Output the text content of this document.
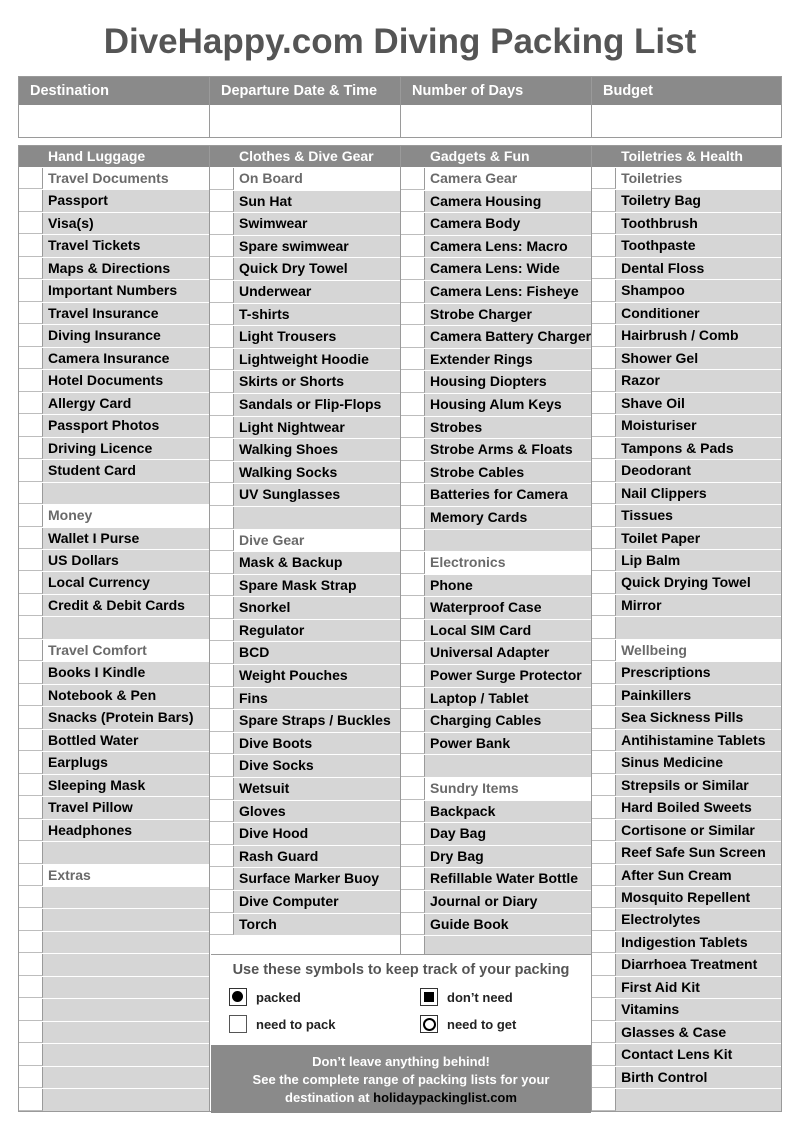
DiveHappy.com Diving Packing List
Destination	Departure Date & Time	Number of Days	Budget
Hand Luggage
Travel Documents
Passport
Visa(s)
Travel Tickets
Maps & Directions
Important Numbers
Travel Insurance
Diving Insurance
Camera Insurance
Hotel Documents
Allergy Card
Passport Photos
Driving Licence
Student Card
Money
Wallet I Purse
US Dollars
Local Currency
Credit & Debit Cards
Travel Comfort
Books I Kindle
Notebook & Pen
Snacks (Protein Bars)
Bottled Water
Earplugs
Sleeping Mask
Travel Pillow
Headphones
Extras
Clothes & Dive Gear
On Board
Sun Hat
Swimwear
Spare swimwear
Quick Dry Towel
Underwear
T-shirts
Light Trousers
Lightweight Hoodie
Skirts or Shorts
Sandals or Flip-Flops
Light Nightwear
Walking Shoes
Walking Socks
UV Sunglasses
Dive Gear
Mask & Backup
Spare Mask Strap
Snorkel
Regulator
BCD
Weight Pouches
Fins
Spare Straps / Buckles
Dive Boots
Dive Socks
Wetsuit
Gloves
Dive Hood
Rash Guard
Surface Marker Buoy
Dive Computer
Torch
Gadgets & Fun
Camera Gear
Camera Housing
Camera Body
Camera Lens: Macro
Camera Lens: Wide
Camera Lens: Fisheye
Strobe Charger
Camera Battery Charger
Extender Rings
Housing Diopters
Housing Alum Keys
Strobes
Strobe Arms & Floats
Strobe Cables
Batteries for Camera
Memory Cards
Electronics
Phone
Waterproof Case
Local SIM Card
Universal Adapter
Power Surge Protector
Laptop / Tablet
Charging Cables
Power Bank
Sundry Items
Backpack
Day Bag
Dry Bag
Refillable Water Bottle
Journal or Diary
Guide Book
Toiletries & Health
Toiletries
Toiletry Bag
Toothbrush
Toothpaste
Dental Floss
Shampoo
Conditioner
Hairbrush / Comb
Shower Gel
Razor
Shave Oil
Moisturiser
Tampons & Pads
Deodorant
Nail Clippers
Tissues
Toilet Paper
Lip Balm
Quick Drying Towel
Mirror
Wellbeing
Prescriptions
Painkillers
Sea Sickness Pills
Antihistamine Tablets
Sinus Medicine
Strepsils or Similar
Hard Boiled Sweets
Cortisone or Similar
Reef Safe Sun Screen
After Sun Cream
Mosquito Repellent
Electrolytes
Indigestion Tablets
Diarrhoea Treatment
First Aid Kit
Vitamins
Glasses & Case
Contact Lens Kit
Birth Control
Use these symbols to keep track of your packing
packed	don’t need
need to pack	need to get
Don’t leave anything behind!
See the complete range of packing lists for your
destination at holidaypackinglist.com
